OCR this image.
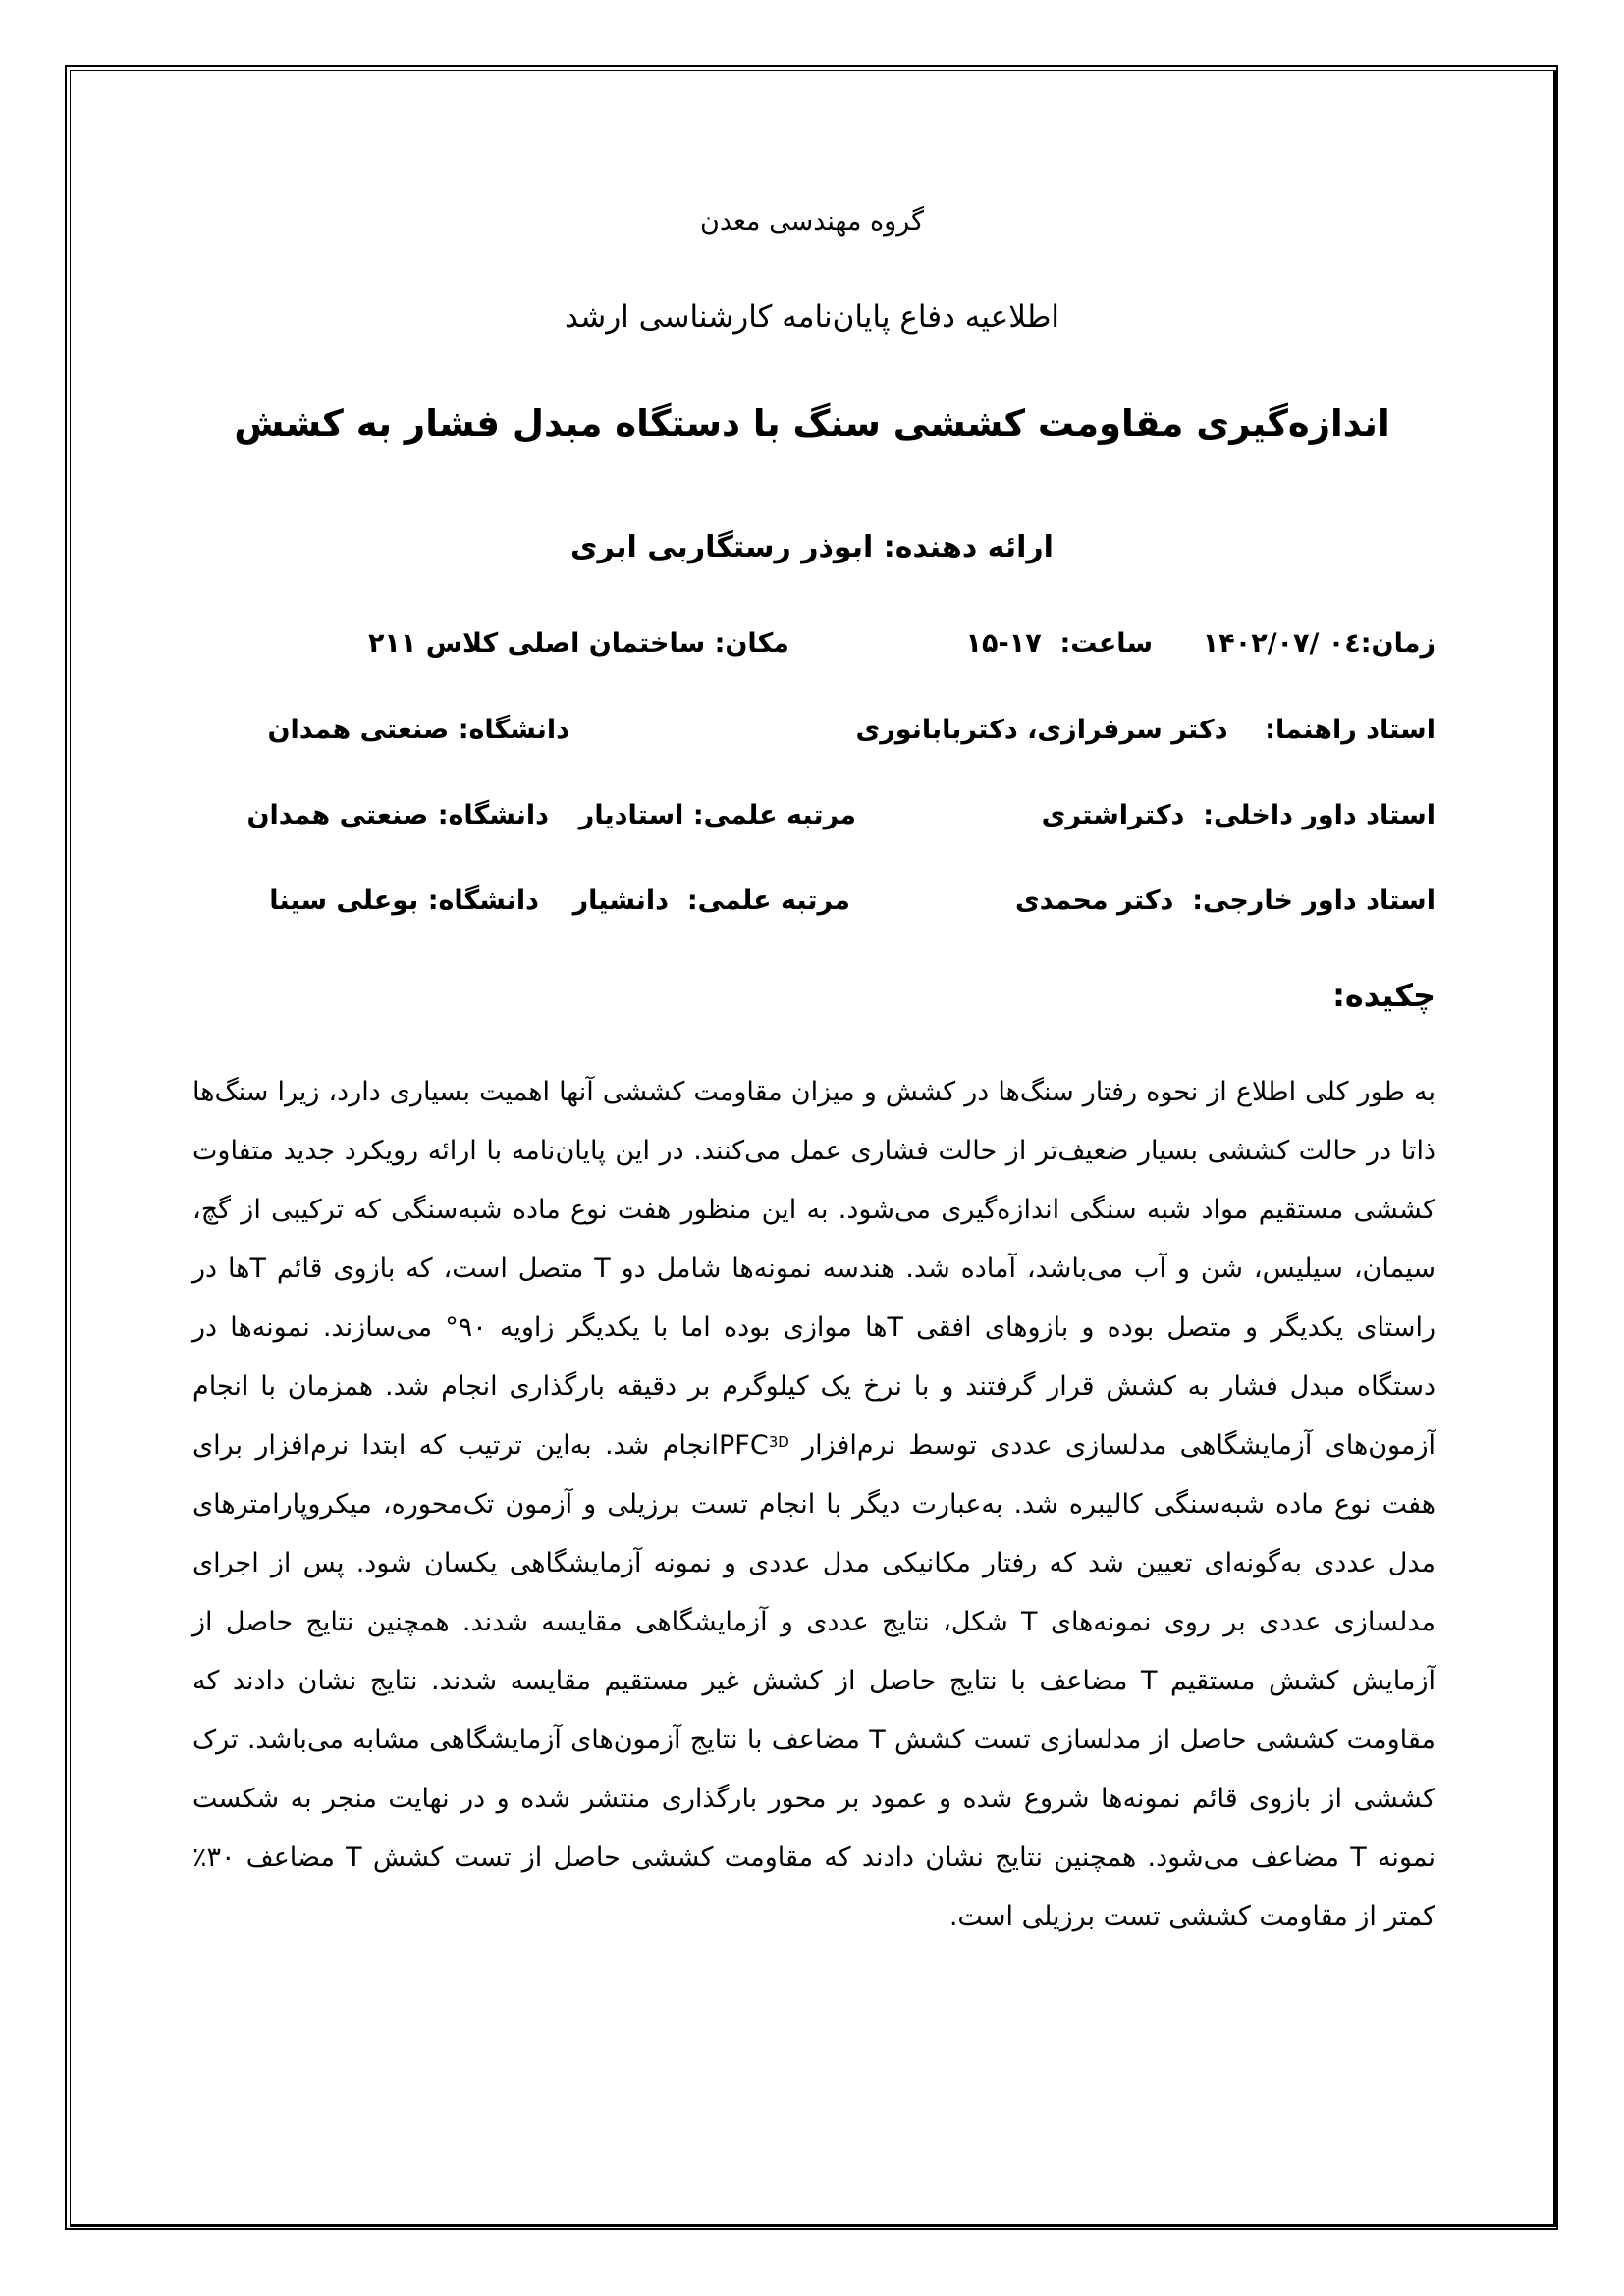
گروه مهندسی معدن
اطلاعیه دفاع پایان‌نامه کارشناسی ارشد
اندازه‌گیری مقاومت کششی سنگ با دستگاه مبدل فشار به کشش
ارائه دهنده: ابوذر رستگاربی ابری
زمان:۱۴۰۲/۰۷/ ۰٤
ساعت:  ۱۵-۱۷
مکان: ساختمان اصلی کلاس ۲۱۱
استاد راهنما:    دکتر سرفرازی، دکتربابانوری
دانشگاه: صنعتی همدان
استاد داور داخلی:  دکتراشتری
مرتبه علمی: استادیار
دانشگاه: صنعتی همدان
استاد داور خارجی:  دکتر محمدی
مرتبه علمی:  دانشیار
دانشگاه: بوعلی سینا
چکیده:

به طور کلی اطلاع از نحوه رفتار سنگ‌ها در کشش و میزان مقاومت کششی آنها اهمیت بسیاری دارد، زیرا سنگ‌ها ذاتا در حالت کششی بسیار ضعیف‌تر از حالت فشاری عمل می‌کنند. در این پایان‌نامه با ارائه رویکرد جدید متفاوت کششی مستقیم مواد شبه سنگی اندازه‌گیری می‌شود. به این منظور هفت نوع ماده شبه‌سنگی که ترکیبی از گچ، سیمان، سیلیس، شن و آب می‌باشد، آماده شد. هندسه نمونه‌ها شامل دو T متصل است، که بازوی قائم Tها در راستای یکدیگر و متصل بوده و بازوهای افقی Tها موازی بوده اما با یکدیگر زاویه ۹۰° می‌سازند. نمونه‌ها در دستگاه مبدل فشار به کشش قرار گرفتند و با نرخ یک کیلوگرم بر دقیقه بارگذاری انجام شد. همزمان با انجام آزمون‌های آزمایشگاهی مدلسازی عددی توسط نرم‌افزار $PFC^{3D}انجام$ شد. به‌این ترتیب که ابتدا نرم‌افزار برای هفت نوع ماده شبه‌سنگی کالیبره شد. به‌عبارت دیگر با انجام تست برزیلی و آزمون تک‌محوره، میکروپارامترهای مدل عددی به‌گونه‌ای تعیین شد که رفتار مکانیکی مدل عددی و نمونه آزمایشگاهی یکسان شود. پس از اجرای مدلسازی عددی بر روی نمونه‌های T شکل، نتایج عددی و آزمایشگاهی مقایسه شدند. همچنین نتایج حاصل از آزمایش کشش مستقیم T مضاعف با نتایج حاصل از کشش غیر مستقیم مقایسه شدند. نتایج نشان دادند که مقاومت کششی حاصل از مدلسازی تست کشش T مضاعف با نتایج آزمون‌های آزمایشگاهی مشابه می‌باشد. ترک کششی از بازوی قائم نمونه‌ها شروع شده و عمود بر محور بارگذاری منتشر شده و در نهایت منجر به شکست نمونه T مضاعف می‌شود. همچنین نتایج نشان دادند که مقاومت کششی حاصل از تست کشش T مضاعف ۳۰٪ کمتر از مقاومت کششی تست برزیلی است.
